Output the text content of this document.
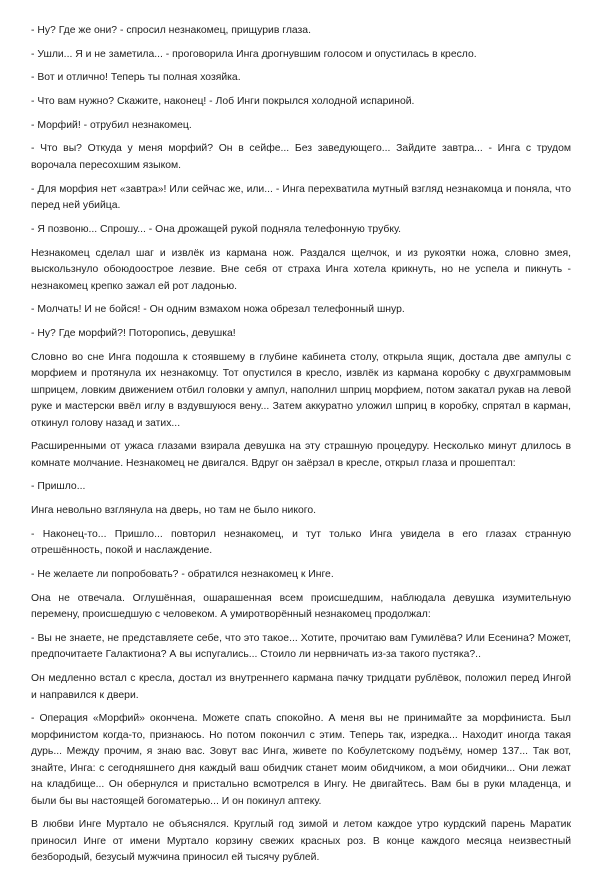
- Ну? Где же они? - спросил незнакомец, прищурив глаза.

- Ушли... Я и не заметила... - проговорила Инга дрогнувшим голосом и опустилась в кресло.

- Вот и отлично! Теперь ты полная хозяйка.

- Что вам нужно? Скажите, наконец! - Лоб Инги покрылся холодной испариной.

- Морфий! - отрубил незнакомец.

- Что вы? Откуда у меня морфий? Он в сейфе... Без заведующего... Зайдите завтра... - Инга с трудом ворочала пересохшим языком.

- Для морфия нет «завтра»! Или сейчас же, или... - Инга перехватила мутный взгляд незнакомца и поняла, что перед ней убийца.

- Я позвоню... Спрошу... - Она дрожащей рукой подняла телефонную трубку.

Незнакомец сделал шаг и извлёк из кармана нож. Раздался щелчок, и из рукоятки ножа, словно змея, выскользнуло обоюдоострое лезвие. Вне себя от страха Инга хотела крикнуть, но не успела и пикнуть - незнакомец крепко зажал ей рот ладонью.

- Молчать! И не бойся! - Он одним взмахом ножа обрезал телефонный шнур.

- Ну? Где морфий?! Поторопись, девушка!

Словно во сне Инга подошла к стоявшему в глубине кабинета столу, открыла ящик, достала две ампулы с морфием и протянула их незнакомцу. Тот опустился в кресло, извлёк из кармана коробку с двухграммовым шприцем, ловким движением отбил головки у ампул, наполнил шприц морфием, потом закатал рукав на левой руке и мастерски ввёл иглу в вздувшуюся вену... Затем аккуратно уложил шприц в коробку, спрятал в карман, откинул голову назад и затих...

Расширенными от ужаса глазами взирала девушка на эту страшную процедуру. Несколько минут длилось в комнате молчание. Незнакомец не двигался. Вдруг он заёрзал в кресле, открыл глаза и прошептал:

- Пришло...

Инга невольно взглянула на дверь, но там не было никого.

- Наконец-то... Пришло... повторил незнакомец, и тут только Инга увидела в его глазах странную отрешённость, покой и наслаждение.

- Не желаете ли попробовать? - обратился незнакомец к Инге.

Она не отвечала. Оглушённая, ошарашенная всем происшедшим, наблюдала девушка изумительную перемену, происшедшую с человеком. А умиротворённый незнакомец продолжал:

- Вы не знаете, не представляете себе, что это такое... Хотите, прочитаю вам Гумилёва? Или Есенина? Может, предпочитаете Галактиона? А вы испугались... Стоило ли нервничать из-за такого пустяка?..

Он медленно встал с кресла, достал из внутреннего кармана пачку тридцати рублёвок, положил перед Ингой и направился к двери.

- Операция «Морфий» окончена. Можете спать спокойно. А меня вы не принимайте за морфиниста. Был морфинистом когда-то, признаюсь. Но потом покончил с этим. Теперь так, изредка... Находит иногда такая дурь... Между прочим, я знаю вас. Зовут вас Инга, живете по Кобулетскому подъёму, номер 137... Так вот, знайте, Инга: с сегодняшнего дня каждый ваш обидчик станет моим обидчиком, а мои обидчики... Они лежат на кладбище... Он обернулся и пристально всмотрелся в Ингу. Не двигайтесь. Вам бы в руки младенца, и были бы вы настоящей богоматерью... И он покинул аптеку.

В любви Инге Муртало не объяснялся. Круглый год зимой и летом каждое утро курдский парень Маратик приносил Инге от имени Муртало корзину свежих красных роз. В конце каждого месяца неизвестный безбородый, безусый мужчина приносил ей тысячу рублей.
